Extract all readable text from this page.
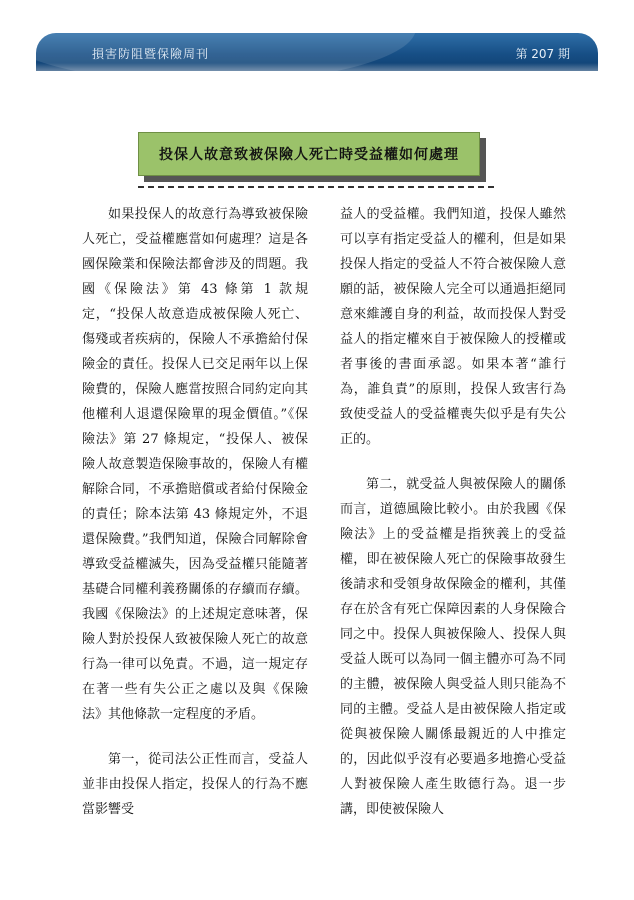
損害防阻暨保險周刊	第 207 期
投保人故意致被保險人死亡時受益權如何處理

如果投保人的故意行為導致被保險人死亡，受益權應當如何處理？這是各國保險業和保險法都會涉及的問題。我國《保險法》第 43 條第 1 款規定，“投保人故意造成被保險人死亡、傷殘或者疾病的，保險人不承擔給付保險金的責任。投保人已交足兩年以上保險費的，保險人應當按照合同約定向其他權利人退還保險單的現金價值。”《保險法》第 27 條規定，“投保人、被保險人故意製造保險事故的，保險人有權解除合同，不承擔賠償或者給付保險金的責任；除本法第 43 條規定外，不退還保險費。”我們知道，保險合同解除會導致受益權滅失，因為受益權只能隨著基礎合同權利義務關係的存續而存續。我國《保險法》的上述規定意味著，保險人對於投保人致被保險人死亡的故意行為一律可以免責。不過，這一規定存在著一些有失公正之處以及與《保險法》其他條款一定程度的矛盾。

第一，從司法公正性而言，受益人並非由投保人指定，投保人的行為不應當影響受

益人的受益權。我們知道，投保人雖然可以享有指定受益人的權利，但是如果投保人指定的受益人不符合被保險人意願的話，被保險人完全可以通過拒絕同意來維護自身的利益，故而投保人對受益人的指定權來自于被保險人的授權或者事後的書面承認。如果本著“誰行為，誰負責”的原則，投保人致害行為致使受益人的受益權喪失似乎是有失公正的。

第二，就受益人與被保險人的關係而言，道德風險比較小。由於我國《保險法》上的受益權是指狹義上的受益權，即在被保險人死亡的保險事故發生後請求和受領身故保險金的權利，其僅存在於含有死亡保障因素的人身保險合同之中。投保人與被保險人、投保人與受益人既可以為同一個主體亦可為不同的主體，被保險人與受益人則只能為不同的主體。受益人是由被保險人指定或從與被保險人關係最親近的人中推定的，因此似乎沒有必要過多地擔心受益人對被保險人產生敗德行為。退一步講，即使被保險人
